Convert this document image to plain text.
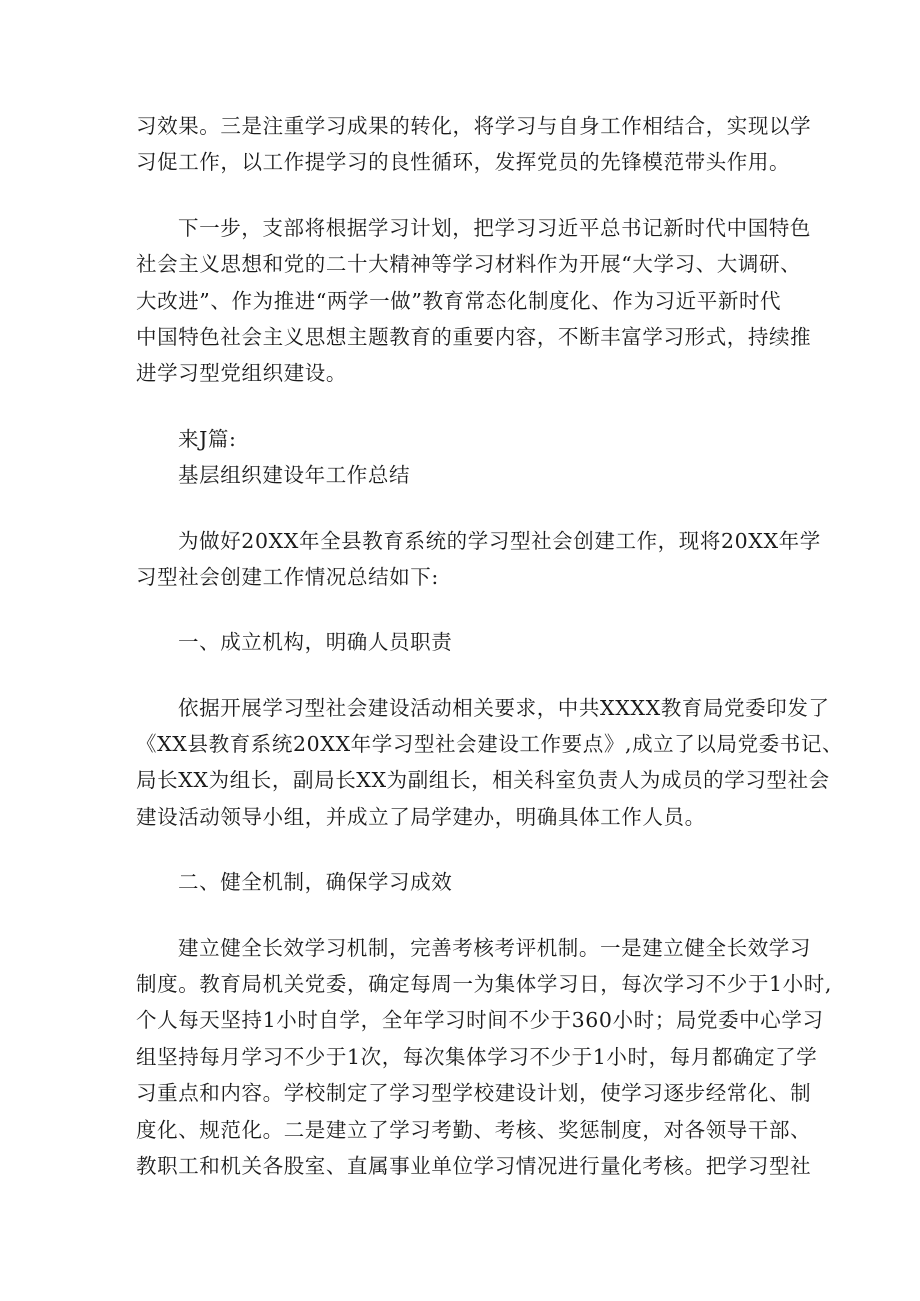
习效果。三是注重学习成果的转化，将学习与自身工作相结合，实现以学
习促工作，以工作提学习的良性循环，发挥党员的先锋模范带头作用。
下一步，支部将根据学习计划，把学习习近平总书记新时代中国特色
社会主义思想和党的二十大精神等学习材料作为开展“大学习、大调研、
大改进”、作为推进“两学一做”教育常态化制度化、作为习近平新时代
中国特色社会主义思想主题教育的重要内容，不断丰富学习形式，持续推
进学习型党组织建设。
来J篇:
基层组织建设年工作总结
为做好20XX年全县教育系统的学习型社会创建工作，现将20XX年学
习型社会创建工作情况总结如下:
一、成立机构，明确人员职责
依据开展学习型社会建设活动相关要求，中共XXXX教育局党委印发了
《XX县教育系统20XX年学习型社会建设工作要点》,成立了以局党委书记、
局长XX为组长，副局长XX为副组长，相关科室负责人为成员的学习型社会
建设活动领导小组，并成立了局学建办，明确具体工作人员。
二、健全机制，确保学习成效
建立健全长效学习机制，完善考核考评机制。一是建立健全长效学习
制度。教育局机关党委，确定每周一为集体学习日，每次学习不少于1小时,
个人每天坚持1小时自学，全年学习时间不少于360小时；局党委中心学习
组坚持每月学习不少于1次，每次集体学习不少于1小时，每月都确定了学
习重点和内容。学校制定了学习型学校建设计划，使学习逐步经常化、制
度化、规范化。二是建立了学习考勤、考核、奖惩制度，对各领导干部、
教职工和机关各股室、直属事业单位学习情况进行量化考核。把学习型社
